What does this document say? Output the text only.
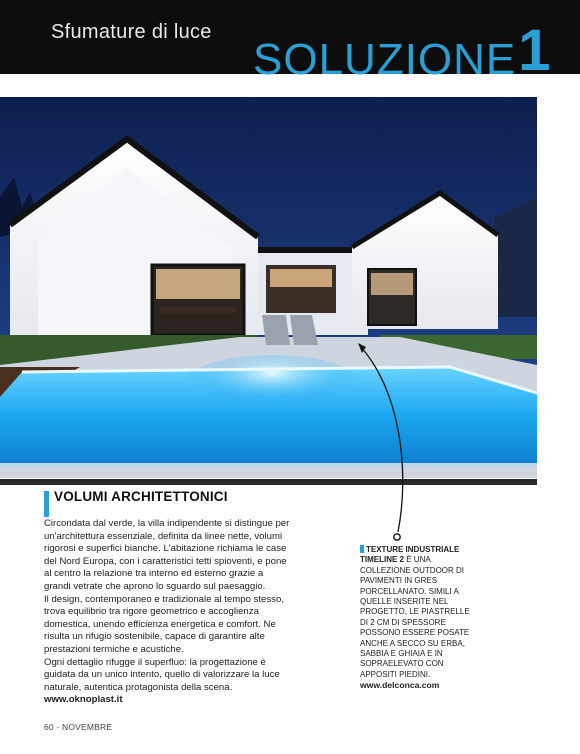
Sfumature di luce
SOLUZIONE1
VOLUMI ARCHITETTONICI

Circondata dal verde, la villa indipendente si distingue per un'architettura essenziale, definita da linee nette, volumi rigorosi e superfici bianche. L'abitazione richiama le case del Nord Europa, con i caratteristici tetti spioventi, e pone al centro la relazione tra interno ed esterno grazie a grandi vetrate che aprono lo sguardo sul paesaggio.

Il design, contemporaneo e tradizionale al tempo stesso, trova equilibrio tra rigore geometrico e accoglienza domestica, unendo efficienza energetica e comfort. Ne risulta un rifugio sostenibile, capace di garantire alte prestazioni termiche e acustiche.

Ogni dettaglio rifugge il superfluo: la progettazione è guidata da un unico intento, quello di valorizzare la luce naturale, autentica protagonista della scena.

www.oknoplast.it

TEXTURE INDUSTRIALE TIMELINE 2 È UNA COLLEZIONE OUTDOOR DI PAVIMENTI IN GRES PORCELLANATO. SIMILI A QUELLE INSERITE NEL PROGETTO, LE PIASTRELLE DI 2 CM DI SPESSORE POSSONO ESSERE POSATE ANCHE A SECCO SU ERBA, SABBIA E GHIAIA E IN SOPRAELEVATO CON APPOSITI PIEDINI.
www.delconca.com
60 - NOVEMBRE
